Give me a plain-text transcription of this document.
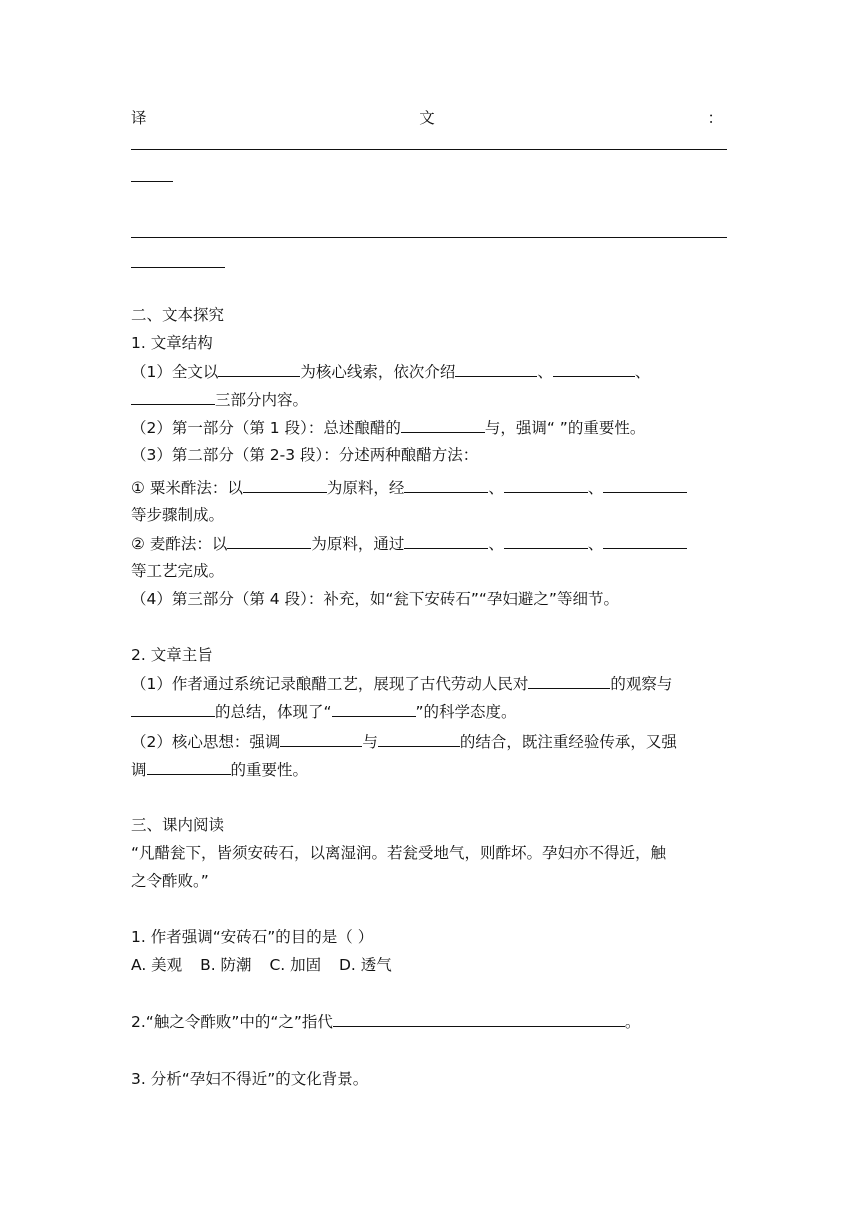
译	文	：
二、文本探究
1. 文章结构
（1）全文以	为核心线索，依次介绍	、	、
三部分内容。
（2）第一部分（第 1 段）：总述酿醋的	与，强调“ ”的重要性。
（3）第二部分（第 2-3 段）：分述两种酿醋方法：
① 粟米酢法：以	为原料，经	、	、
等步骤制成。
② 麦酢法：以	为原料，通过	、	、
等工艺完成。
（4）第三部分（第 4 段）：补充，如“瓮下安砖石”“孕妇避之”等细节。
2. 文章主旨
（1）作者通过系统记录酿醋工艺，展现了古代劳动人民对	的观察与
的总结，体现了“	”的科学态度。
（2）核心思想：强调	与	的结合，既注重经验传承，又强
调	的重要性。
三、课内阅读
“凡醋瓮下，皆须安砖石，以离湿润。若瓮受地气，则酢坏。孕妇亦不得近，触
之令酢败。”
1. 作者强调“安砖石”的目的是（ ）
A. 美观 B. 防潮 C. 加固 D. 透气
2.“触之令酢败”中的“之”指代	。
3. 分析“孕妇不得近”的文化背景。
